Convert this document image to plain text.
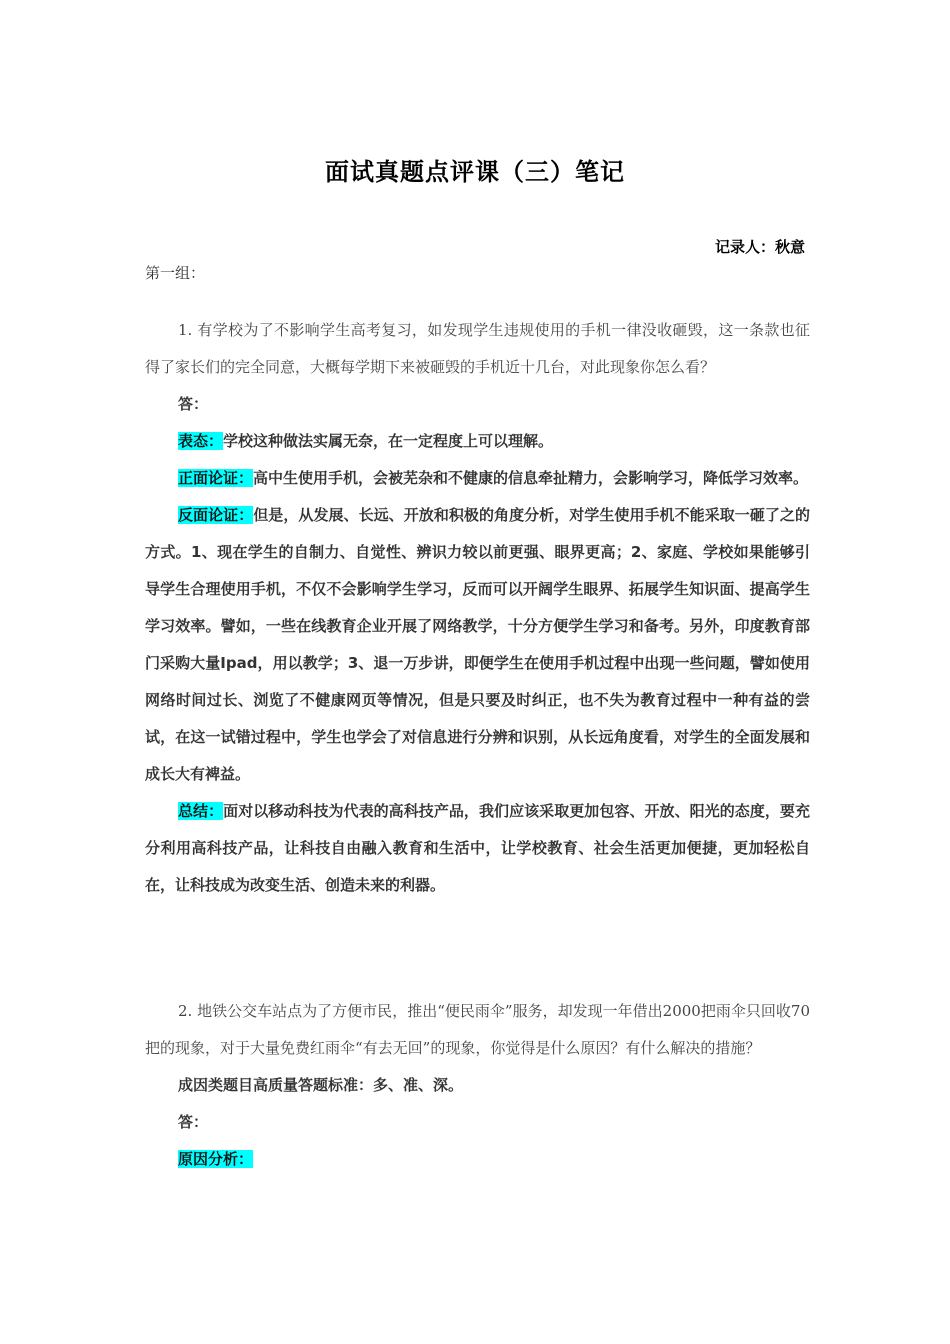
面试真题点评课（三）笔记
记录人：秋意
第一组：

1. 有学校为了不影响学生高考复习，如发现学生违规使用的手机一律没收砸毁，这一条款也征得了家长们的完全同意，大概每学期下来被砸毁的手机近十几台，对此现象你怎么看？

答：

表态：学校这种做法实属无奈，在一定程度上可以理解。

正面论证：高中生使用手机，会被芜杂和不健康的信息牵扯精力，会影响学习，降低学习效率。

反面论证：但是，从发展、长远、开放和积极的角度分析，对学生使用手机不能采取一砸了之的方式。1、现在学生的自制力、自觉性、辨识力较以前更强、眼界更高；2、家庭、学校如果能够引导学生合理使用手机，不仅不会影响学生学习，反而可以开阔学生眼界、拓展学生知识面、提高学生学习效率。譬如，一些在线教育企业开展了网络教学，十分方便学生学习和备考。另外，印度教育部门采购大量Ipad，用以教学；3、退一万步讲，即便学生在使用手机过程中出现一些问题，譬如使用网络时间过长、浏览了不健康网页等情况，但是只要及时纠正，也不失为教育过程中一种有益的尝试，在这一试错过程中，学生也学会了对信息进行分辨和识别，从长远角度看，对学生的全面发展和成长大有裨益。

总结：面对以移动科技为代表的高科技产品，我们应该采取更加包容、开放、阳光的态度，要充分利用高科技产品，让科技自由融入教育和生活中，让学校教育、社会生活更加便捷，更加轻松自在，让科技成为改变生活、创造未来的利器。

2. 地铁公交车站点为了方便市民，推出“便民雨伞”服务，却发现一年借出2000把雨伞只回收70把的现象，对于大量免费红雨伞“有去无回”的现象，你觉得是什么原因？有什么解决的措施？

成因类题目高质量答题标准：多、准、深。

答：

原因分析：
